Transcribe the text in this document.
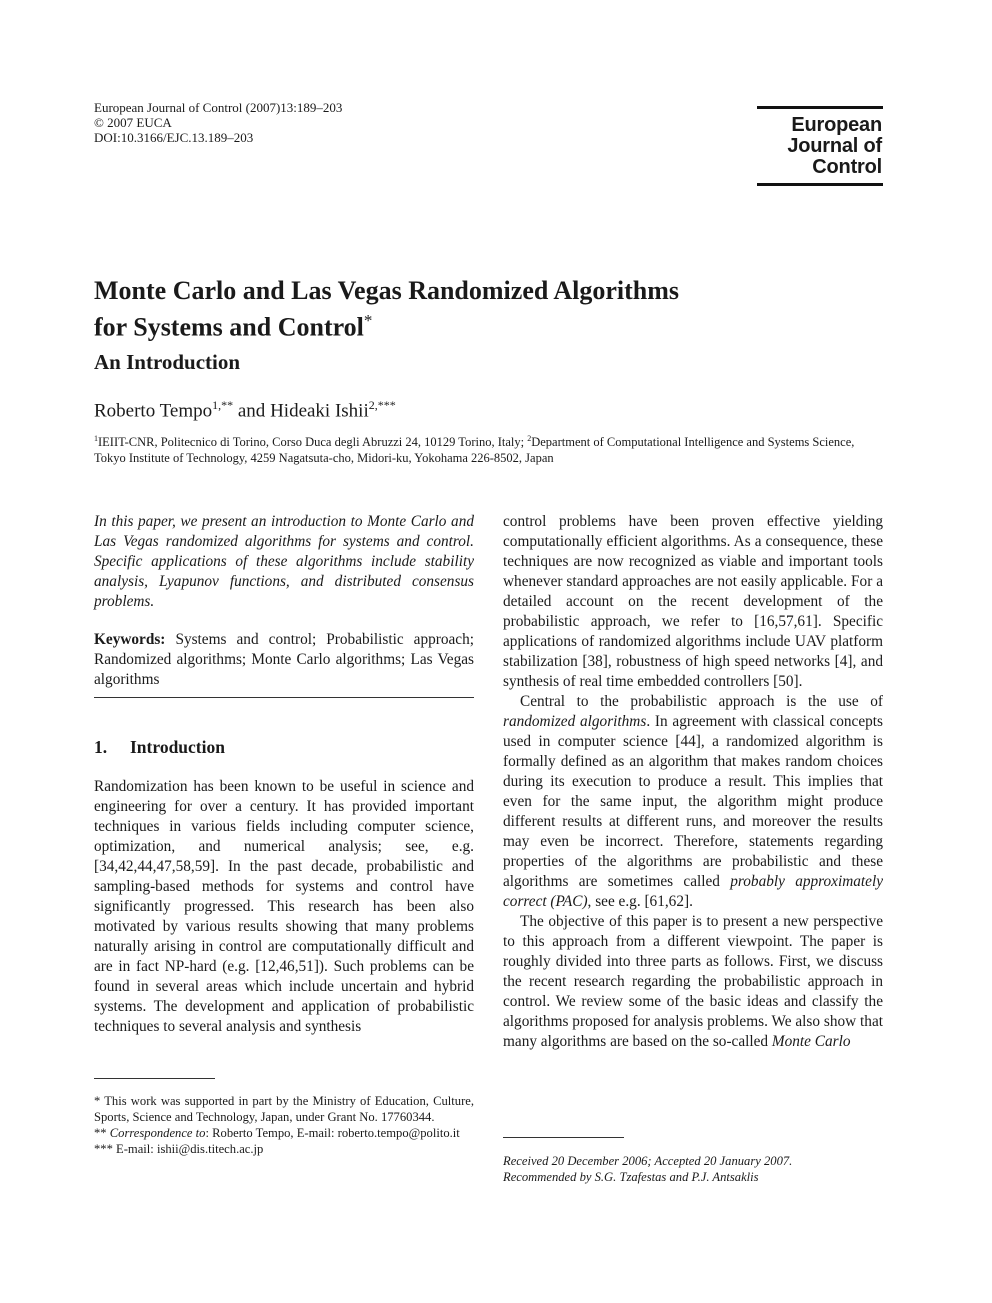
European Journal of Control (2007)13:189–203
© 2007 EUCA
DOI:10.3166/EJC.13.189–203
European
Journal of
Control
Monte Carlo and Las Vegas Randomized Algorithms
for Systems and Control*
An Introduction
Roberto Tempo$^{1,**}$ and Hideaki Ishii$^{2,***}$
$^1$IEIIT-CNR, Politecnico di Torino, Corso Duca degli Abruzzi 24, 10129 Torino, Italy; $^2$Department of Computational Intelligence and Systems Science, Tokyo Institute of Technology, 4259 Nagatsuta-cho, Midori-ku, Yokohama 226-8502, Japan
In this paper, we present an introduction to Monte Carlo and Las Vegas randomized algorithms for systems and control. Specific applications of these algorithms include stability analysis, Lyapunov functions, and distributed consensus problems.
Keywords: Systems and control; Probabilistic approach; Randomized algorithms; Monte Carlo algorithms; Las Vegas algorithms
1. Introduction
Randomization has been known to be useful in science and engineering for over a century. It has provided important techniques in various fields including computer science, optimization, and numerical analysis; see, e.g. [34,42,44,47,58,59]. In the past decade, probabilistic and sampling-based methods for systems and control have significantly progressed. This research has been also motivated by various results showing that many problems naturally arising in control are computationally difficult and are in fact NP-hard (e.g. [12,46,51]). Such problems can be found in several areas which include uncertain and hybrid systems. The development and application of probabilistic techniques to several analysis and synthesis
* This work was supported in part by the Ministry of Education, Culture, Sports, Science and Technology, Japan, under Grant No. 17760344.
** Correspondence to: Roberto Tempo, E-mail: roberto.tempo@polito.it
*** E-mail: ishii@dis.titech.ac.jp

control problems have been proven effective yielding computationally efficient algorithms. As a consequence, these techniques are now recognized as viable and important tools whenever standard approaches are not easily applicable. For a detailed account on the recent development of the probabilistic approach, we refer to [16,57,61]. Specific applications of randomized algorithms include UAV platform stabilization [38], robustness of high speed networks [4], and synthesis of real time embedded controllers [50].

Central to the probabilistic approach is the use of randomized algorithms. In agreement with classical concepts used in computer science [44], a randomized algorithm is formally defined as an algorithm that makes random choices during its execution to produce a result. This implies that even for the same input, the algorithm might produce different results at different runs, and moreover the results may even be incorrect. Therefore, statements regarding properties of the algorithms are probabilistic and these algorithms are sometimes called probably approximately correct (PAC), see e.g. [61,62].

The objective of this paper is to present a new perspective to this approach from a different viewpoint. The paper is roughly divided into three parts as follows. First, we discuss the recent research regarding the probabilistic approach in control. We review some of the basic ideas and classify the algorithms proposed for analysis problems. We also show that many algorithms are based on the so-called Monte Carlo

Received 20 December 2006; Accepted 20 January 2007.
Recommended by S.G. Tzafestas and P.J. Antsaklis
